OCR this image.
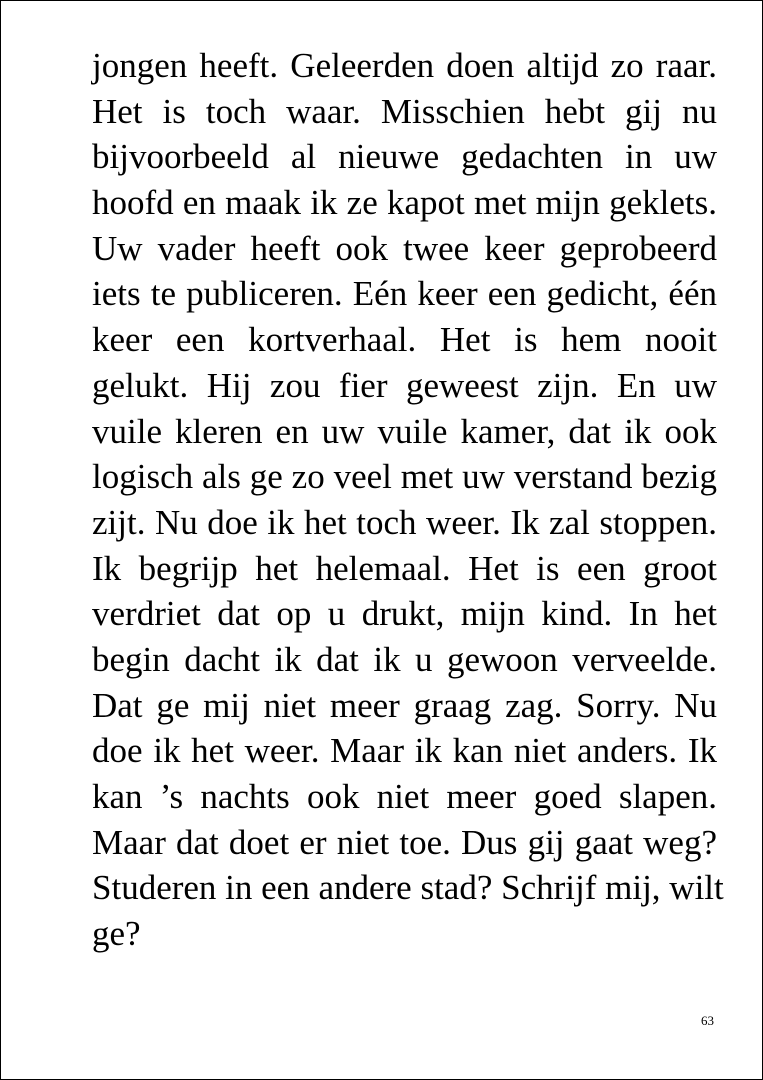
jongen heeft. Geleerden doen altijd zo raar.
Het is toch waar. Misschien hebt gij nu
bijvoorbeeld al nieuwe gedachten in uw
hoofd en maak ik ze kapot met mijn geklets.
Uw vader heeft ook twee keer geprobeerd
iets te publiceren. Eén keer een gedicht, één
keer een kortverhaal. Het is hem nooit
gelukt. Hij zou fier geweest zijn. En uw
vuile kleren en uw vuile kamer, dat ik ook
logisch als ge zo veel met uw verstand bezig
zijt. Nu doe ik het toch weer. Ik zal stoppen.
Ik begrijp het helemaal. Het is een groot
verdriet dat op u drukt, mijn kind. In het
begin dacht ik dat ik u gewoon verveelde.
Dat ge mij niet meer graag zag. Sorry. Nu
doe ik het weer. Maar ik kan niet anders. Ik
kan ’s nachts ook niet meer goed slapen.
Maar dat doet er niet toe. Dus gij gaat weg?
Studeren in een andere stad? Schrijf mij, wilt
ge?
63
